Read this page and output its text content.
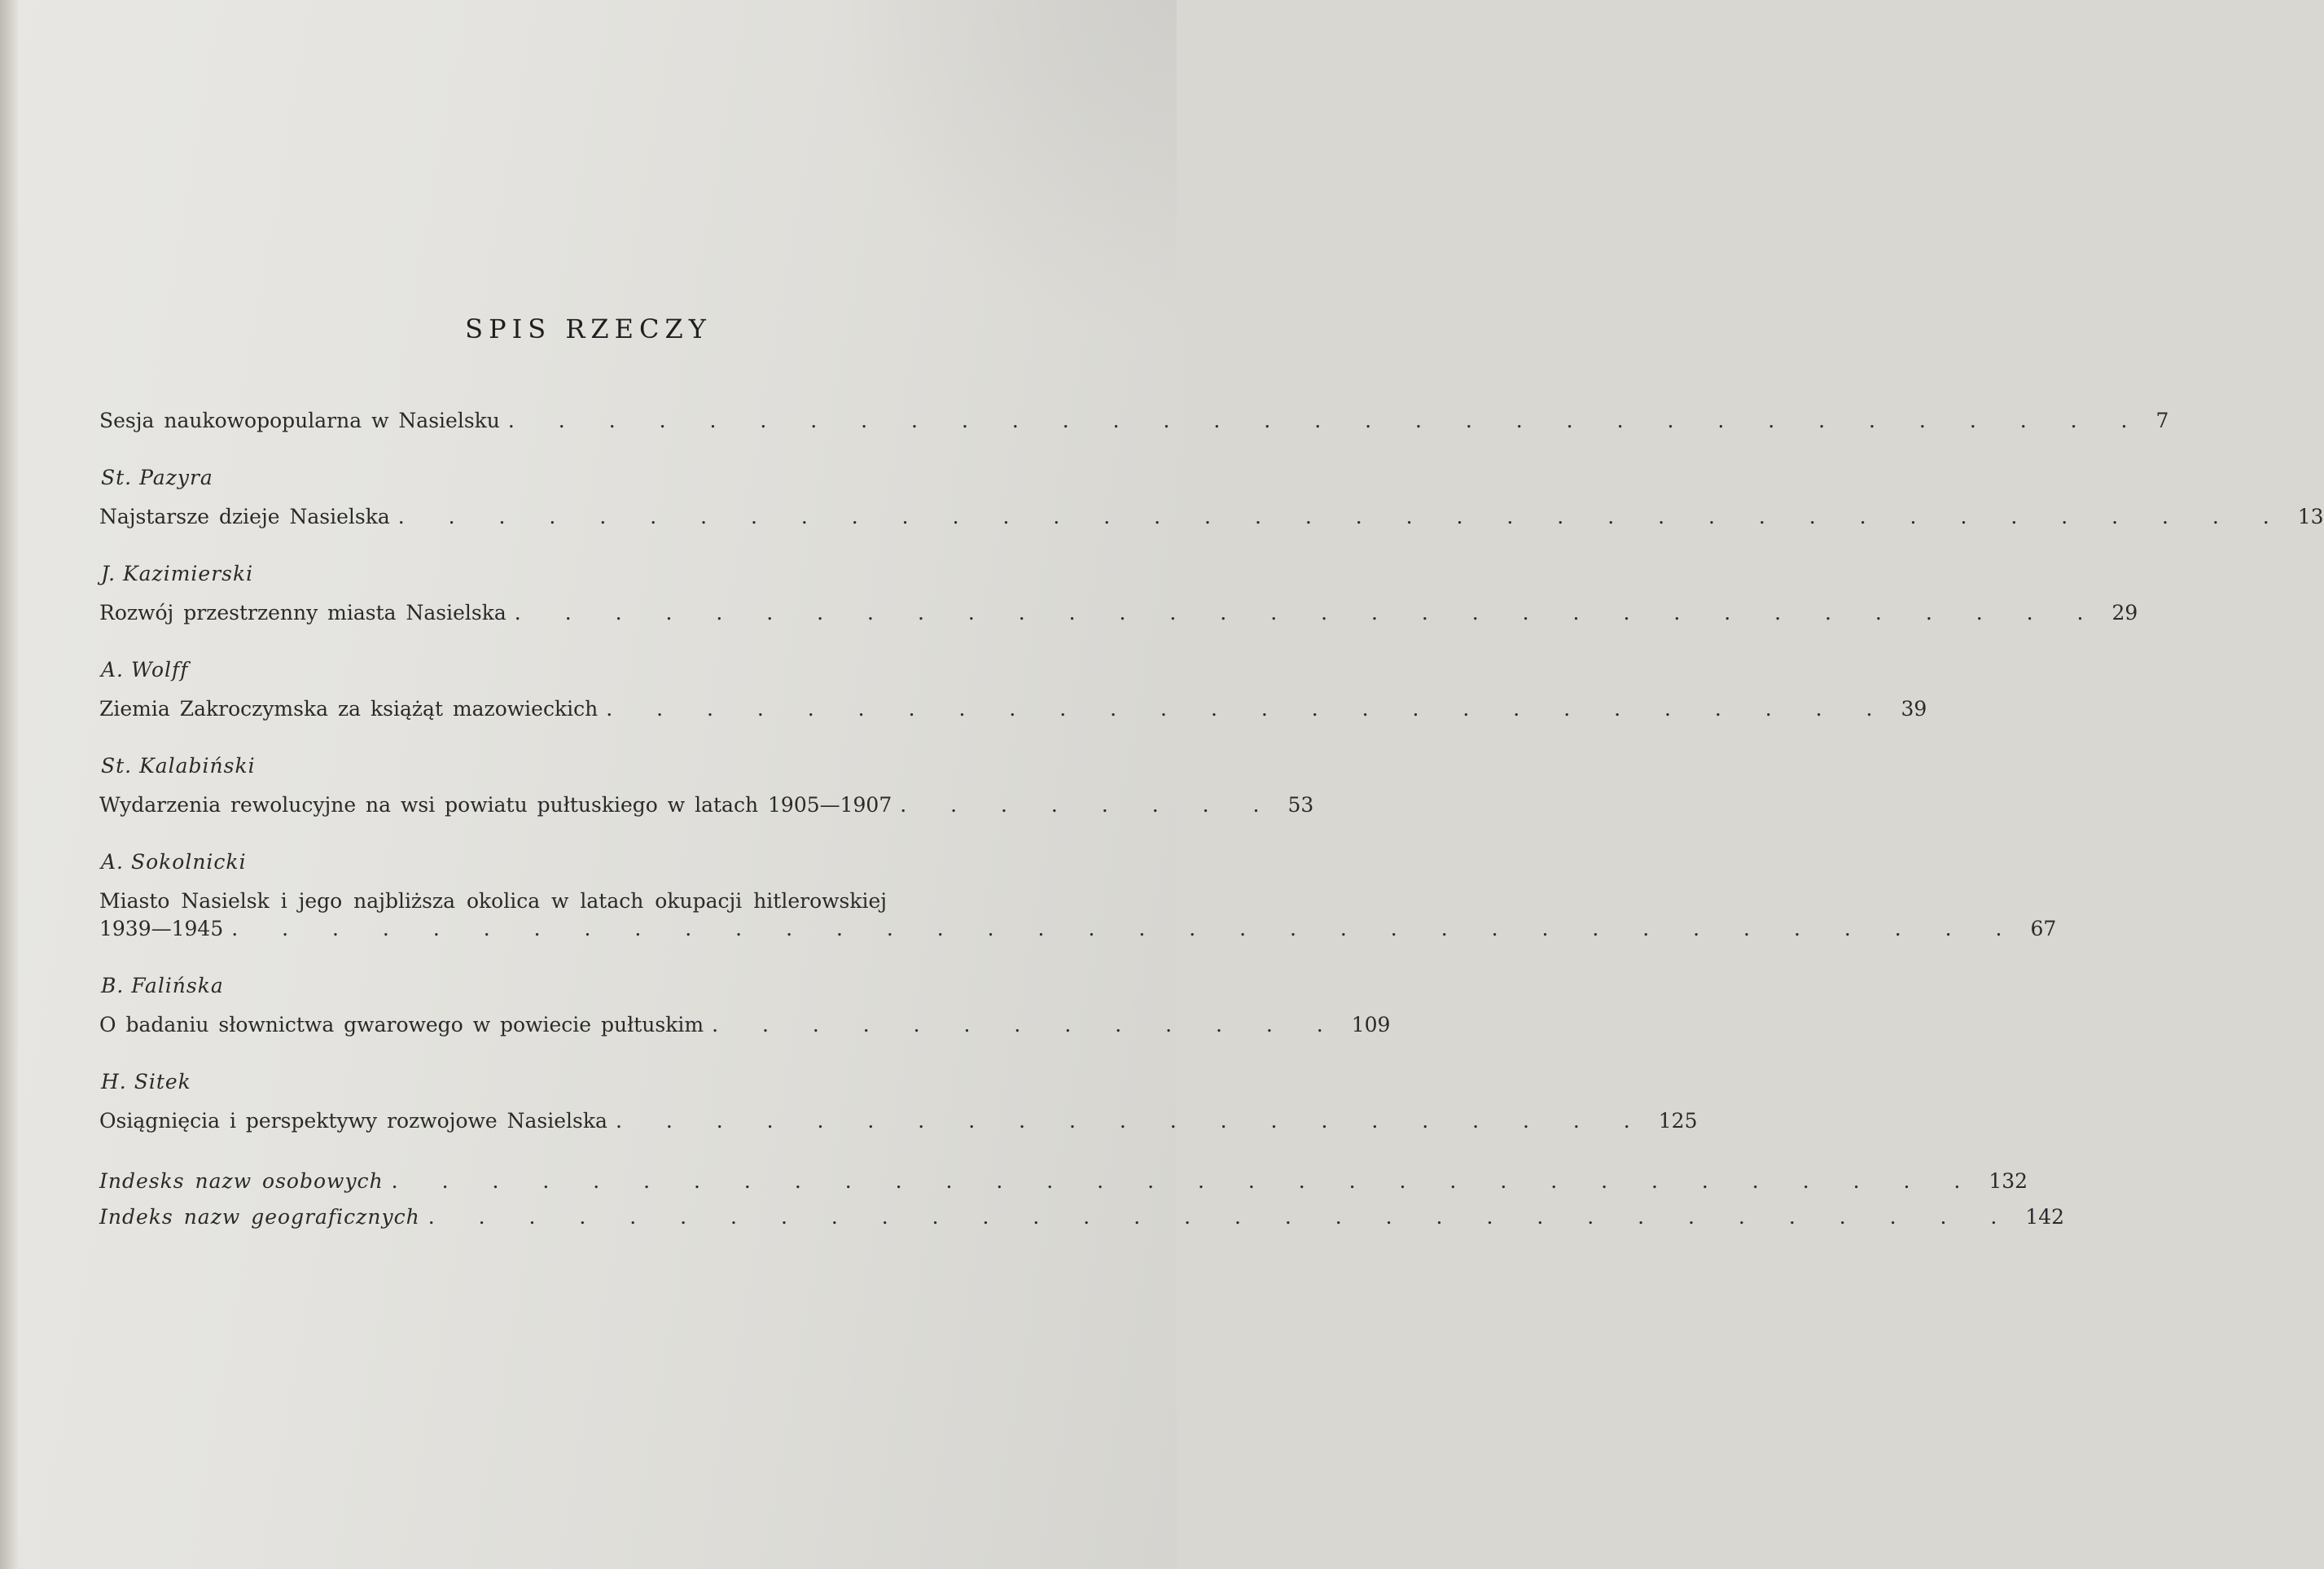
SPIS RZECZY
Sesja naukowopopularna w Nasielsku . . . . . . . . . . . . . . . . . . . . . . . . . . . . . . . . . 7
St. Pazyra
Najstarsze dzieje Nasielska . . . . . . . . . . . . . . . . . . . . . . . . . . . . . . . . . . . . . . 13
J. Kazimierski
Rozwój przestrzenny miasta Nasielska . . . . . . . . . . . . . . . . . . . . . . . . . . . . . . . . 29
A. Wolff
Ziemia Zakroczymska za książąt mazowieckich . . . . . . . . . . . . . . . . . . . . . . . . . . 39
St. Kalabiński
Wydarzenia rewolucyjne na wsi powiatu pułtuskiego w latach 1905—1907 . . . . . . . . 53
A. Sokolnicki
Miasto Nasielsk i jego najbliższa okolica w latach okupacji hitlerowskiej
1939—1945 . . . . . . . . . . . . . . . . . . . . . . . . . . . . . . . . . . . . 67
B. Falińska
O badaniu słownictwa gwarowego w powiecie pułtuskim . . . . . . . . . . . . . 109
H. Sitek
Osiągnięcia i perspektywy rozwojowe Nasielska . . . . . . . . . . . . . . . . . . . . . 125
Indesks nazw osobowych . . . . . . . . . . . . . . . . . . . . . . . . . . . . . . . . 132
Indeks nazw geograficznych . . . . . . . . . . . . . . . . . . . . . . . . . . . . . . . . 142
